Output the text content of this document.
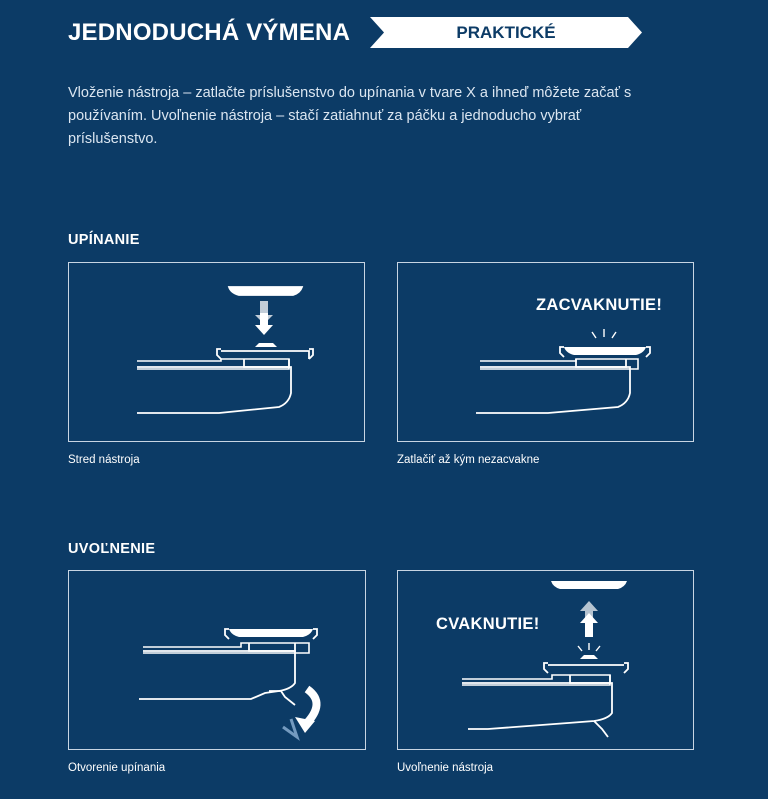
JEDNODUCHÁ VÝMENA	PRAKTICKÉ

Vloženie nástroja – zatlačte príslušenstvo do upínania v tvare X a ihneď môžete začať s používaním. Uvoľnenie nástroja – stačí zatiahnuť za páčku a jednoducho vybrať príslušenstvo.

UPÍNANIE
Stred nástroja
ZACVAKNUTIE!
Zatlačiť až kým nezacvakne
UVOĽNENIE
Otvorenie upínania
CVAKNUTIE!
Uvoľnenie nástroja
